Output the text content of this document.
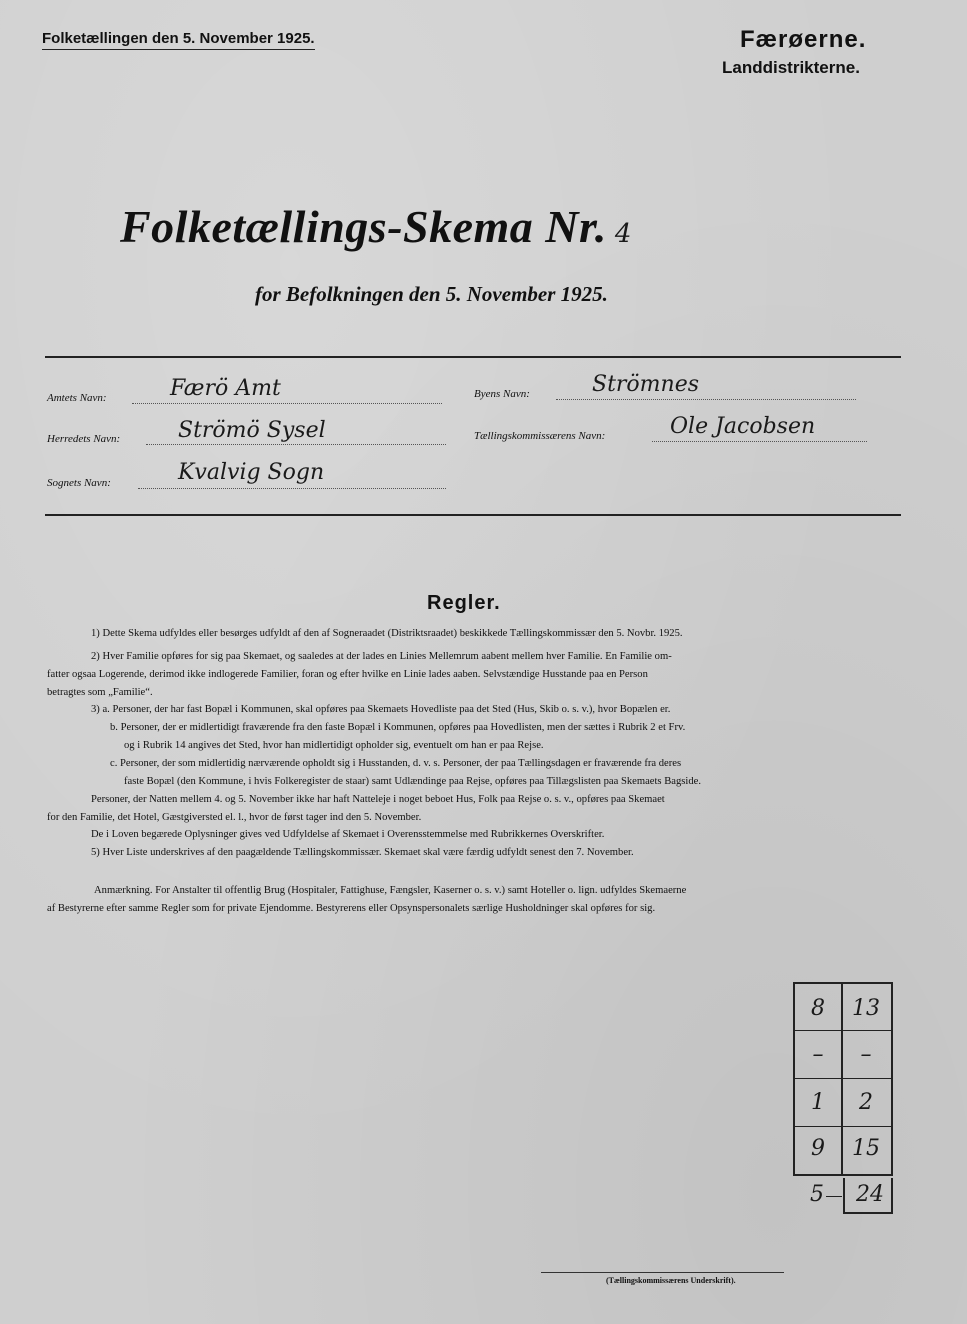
Folketællingen den 5. November 1925.	Færøerne.
Landdistrikterne.
Folketællings-Skema Nr. 4
for Befolkningen den 5. November 1925.
Amtets Navn:	Færö Amt
Herredets Navn:	Strömö Sysel
Sognets Navn:	Kvalvig Sogn
Byens Navn:	Strömnes
Tællingskommissærens Navn:	Ole Jacobsen
Regler.
1) Dette Skema udfyldes eller besørges udfyldt af den af Sogneraadet (Distriktsraadet) beskikkede Tællingskommissær den 5. Novbr. 1925.
2) Hver Familie opføres for sig paa Skemaet, og saaledes at der lades en Linies Mellemrum aabent mellem hver Familie. En Familie om-
fatter ogsaa Logerende, derimod ikke indlogerede Familier, foran og efter hvilke en Linie lades aaben. Selvstændige Husstande paa en Person
betragtes som „Familie“.
3) a. Personer, der har fast Bopæl i Kommunen, skal opføres paa Skemaets Hovedliste paa det Sted (Hus, Skib o. s. v.), hvor Bopælen er.
b. Personer, der er midlertidigt fraværende fra den faste Bopæl i Kommunen, opføres paa Hovedlisten, men der sættes i Rubrik 2 et Frv.
og i Rubrik 14 angives det Sted, hvor han midlertidigt opholder sig, eventuelt om han er paa Rejse.
c. Personer, der som midlertidig nærværende opholdt sig i Husstanden, d. v. s. Personer, der paa Tællingsdagen er fraværende fra deres
faste Bopæl (den Kommune, i hvis Folkeregister de staar) samt Udlændinge paa Rejse, opføres paa Tillægslisten paa Skemaets Bagside.
Personer, der Natten mellem 4. og 5. November ikke har haft Natteleje i noget beboet Hus, Folk paa Rejse o. s. v., opføres paa Skemaet
for den Familie, det Hotel, Gæstgiversted el. l., hvor de først tager ind den 5. November.
De i Loven begærede Oplysninger gives ved Udfyldelse af Skemaet i Overensstemmelse med Rubrikkernes Overskrifter.
5) Hver Liste underskrives af den paagældende Tællingskommissær. Skemaet skal være færdig udfyldt senest den 7. November.
Anmærkning. For Anstalter til offentlig Brug (Hospitaler, Fattighuse, Fængsler, Kaserner o. s. v.) samt Hoteller o. lign. udfyldes Skemaerne
af Bestyrerne efter samme Regler som for private Ejendomme. Bestyrerens eller Opsynspersonalets særlige Husholdninger skal opføres for sig.
8	13
–	–
1	2
9	15
5 24
(Tællingskommissærens Underskrift).
